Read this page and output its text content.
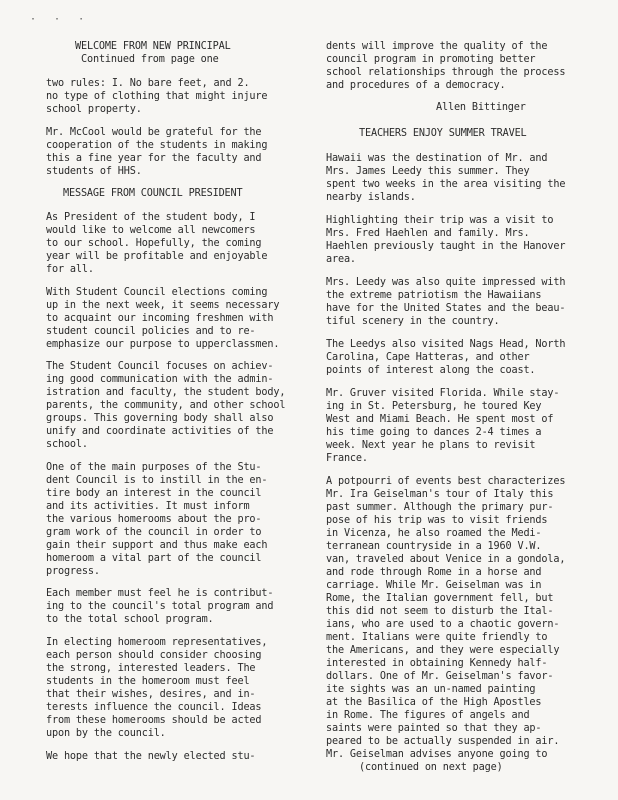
· · ·
WELCOME FROM NEW PRINCIPAL
Continued from page one
two rules: I. No bare feet, and 2.
no type of clothing that might injure
school property.
Mr. McCool would be grateful for the
cooperation of the students in making
this a fine year for the faculty and
students of HHS.
MESSAGE FROM COUNCIL PRESIDENT
As President of the student body, I
would like to welcome all newcomers
to our school. Hopefully, the coming
year will be profitable and enjoyable
for all.
With Student Council elections coming
up in the next week, it seems necessary
to acquaint our incoming freshmen with
student council policies and to re-
emphasize our purpose to upperclassmen.
The Student Council focuses on achiev-
ing good communication with the admin-
istration and faculty, the student body,
parents, the community, and other school
groups. This governing body shall also
unify and coordinate activities of the
school.
One of the main purposes of the Stu-
dent Council is to instill in the en-
tire body an interest in the council
and its activities. It must inform
the various homerooms about the pro-
gram work of the council in order to
gain their support and thus make each
homeroom a vital part of the council
progress.
Each member must feel he is contribut-
ing to the council's total program and
to the total school program.
In electing homeroom representatives,
each person should consider choosing
the strong, interested leaders. The
students in the homeroom must feel
that their wishes, desires, and in-
terests influence the council. Ideas
from these homerooms should be acted
upon by the council.
We hope that the newly elected stu-
dents will improve the quality of the
council program in promoting better
school relationships through the process
and procedures of a democracy.
Allen Bittinger
TEACHERS ENJOY SUMMER TRAVEL
Hawaii was the destination of Mr. and
Mrs. James Leedy this summer. They
spent two weeks in the area visiting the
nearby islands.
Highlighting their trip was a visit to
Mrs. Fred Haehlen and family. Mrs.
Haehlen previously taught in the Hanover
area.
Mrs. Leedy was also quite impressed with
the extreme patriotism the Hawaiians
have for the United States and the beau-
tiful scenery in the country.
The Leedys also visited Nags Head, North
Carolina, Cape Hatteras, and other
points of interest along the coast.
Mr. Gruver visited Florida. While stay-
ing in St. Petersburg, he toured Key
West and Miami Beach. He spent most of
his time going to dances 2-4 times a
week. Next year he plans to revisit
France.
A potpourri of events best characterizes
Mr. Ira Geiselman's tour of Italy this
past summer. Although the primary pur-
pose of his trip was to visit friends
in Vicenza, he also roamed the Medi-
terranean countryside in a 1960 V.W.
van, traveled about Venice in a gondola,
and rode through Rome in a horse and
carriage. While Mr. Geiselman was in
Rome, the Italian government fell, but
this did not seem to disturb the Ital-
ians, who are used to a chaotic govern-
ment. Italians were quite friendly to
the Americans, and they were especially
interested in obtaining Kennedy half-
dollars. One of Mr. Geiselman's favor-
ite sights was an un-named painting
at the Basilica of the High Apostles
in Rome. The figures of angels and
saints were painted so that they ap-
peared to be actually suspended in air.
Mr. Geiselman advises anyone going to
(continued on next page)
